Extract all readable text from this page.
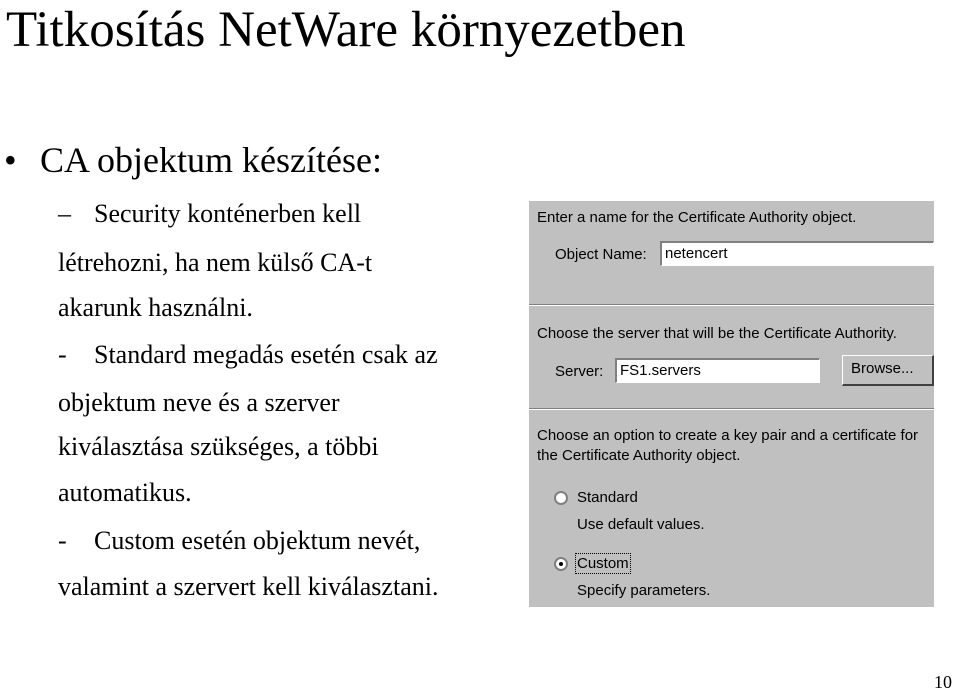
Titkosítás NetWare környezetben
• CA objektum készítése:
– Security konténerben kell
létrehozni, ha nem külső CA-t
akarunk használni.
- Standard megadás esetén csak az
objektum neve és a szerver
kiválasztása szükséges, a többi
automatikus.
- Custom esetén objektum nevét,
valamint a szervert kell kiválasztani.
Enter a name for the Certificate Authority object.
Object Name:	netencert
Choose the server that will be the Certificate Authority.
Server:	FS1.servers	Browse...
Choose an option to create a key pair and a certificate for
the Certificate Authority object.
Standard
Use default values.
Custom
Specify parameters.
10
